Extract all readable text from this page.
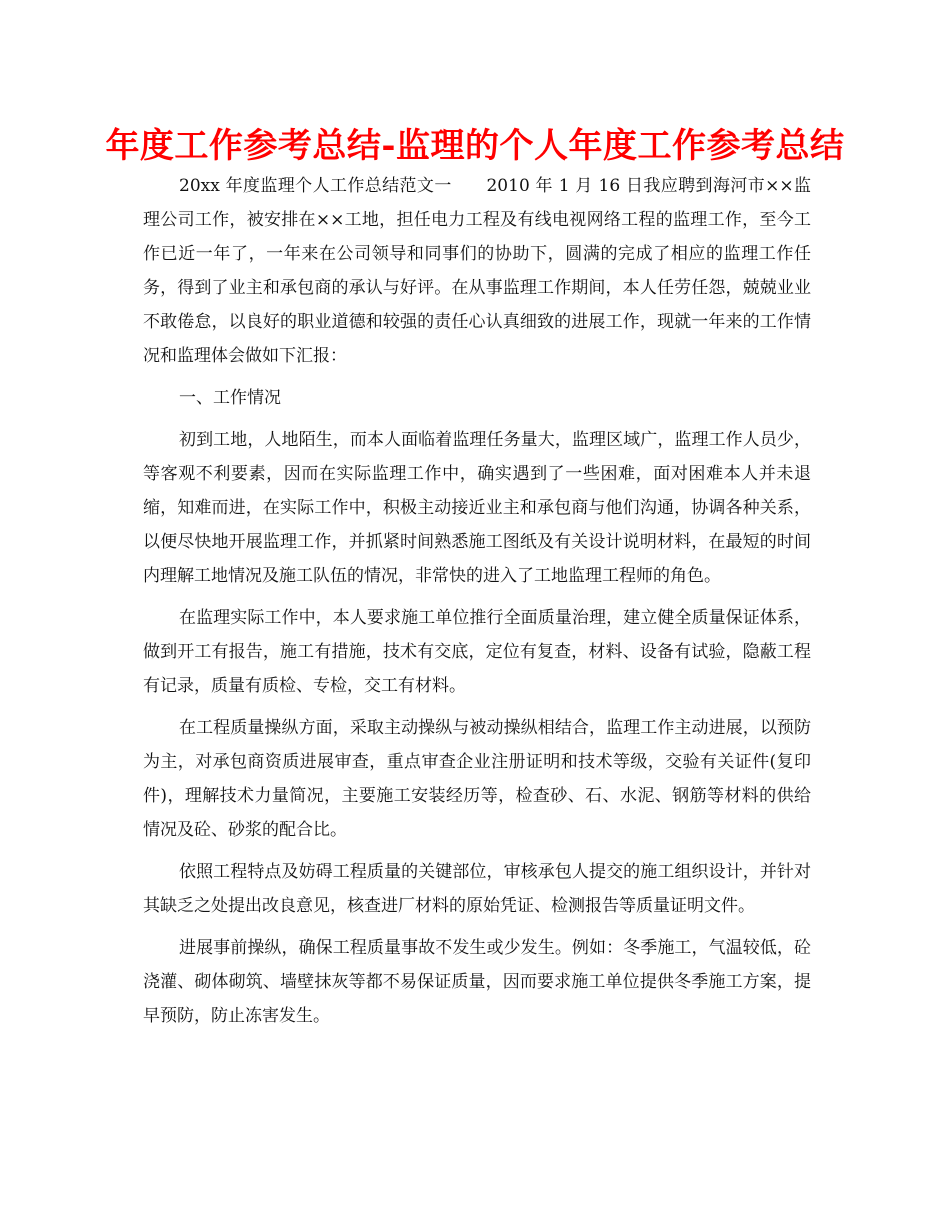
年度工作参考总结-监理的个人年度工作参考总结

20xx 年度监理个人工作总结范文一　　2010 年 1 月 16 日我应聘到海河市××监理公司工作，被安排在××工地，担任电力工程及有线电视网络工程的监理工作，至今工作已近一年了，一年来在公司领导和同事们的协助下，圆满的完成了相应的监理工作任务，得到了业主和承包商的承认与好评。在从事监理工作期间，本人任劳任怨，兢兢业业不敢倦怠，以良好的职业道德和较强的责任心认真细致的进展工作，现就一年来的工作情况和监理体会做如下汇报：

一、工作情况

初到工地，人地陌生，而本人面临着监理任务量大，监理区域广，监理工作人员少，等客观不利要素，因而在实际监理工作中，确实遇到了一些困难，面对困难本人并未退缩，知难而进，在实际工作中，积极主动接近业主和承包商与他们沟通，协调各种关系，以便尽快地开展监理工作，并抓紧时间熟悉施工图纸及有关设计说明材料，在最短的时间内理解工地情况及施工队伍的情况，非常快的进入了工地监理工程师的角色。

在监理实际工作中，本人要求施工单位推行全面质量治理，建立健全质量保证体系，做到开工有报告，施工有措施，技术有交底，定位有复查，材料、设备有试验，隐蔽工程有记录，质量有质检、专检，交工有材料。

在工程质量操纵方面，采取主动操纵与被动操纵相结合，监理工作主动进展，以预防为主，对承包商资质进展审查，重点审查企业注册证明和技术等级，交验有关证件(复印件)，理解技术力量简况，主要施工安装经历等，检查砂、石、水泥、钢筋等材料的供给情况及砼、砂浆的配合比。

依照工程特点及妨碍工程质量的关键部位，审核承包人提交的施工组织设计，并针对其缺乏之处提出改良意见，核查进厂材料的原始凭证、检测报告等质量证明文件。

进展事前操纵，确保工程质量事故不发生或少发生。例如：冬季施工，气温较低，砼浇灌、砌体砌筑、墙壁抹灰等都不易保证质量，因而要求施工单位提供冬季施工方案，提早预防，防止冻害发生。
